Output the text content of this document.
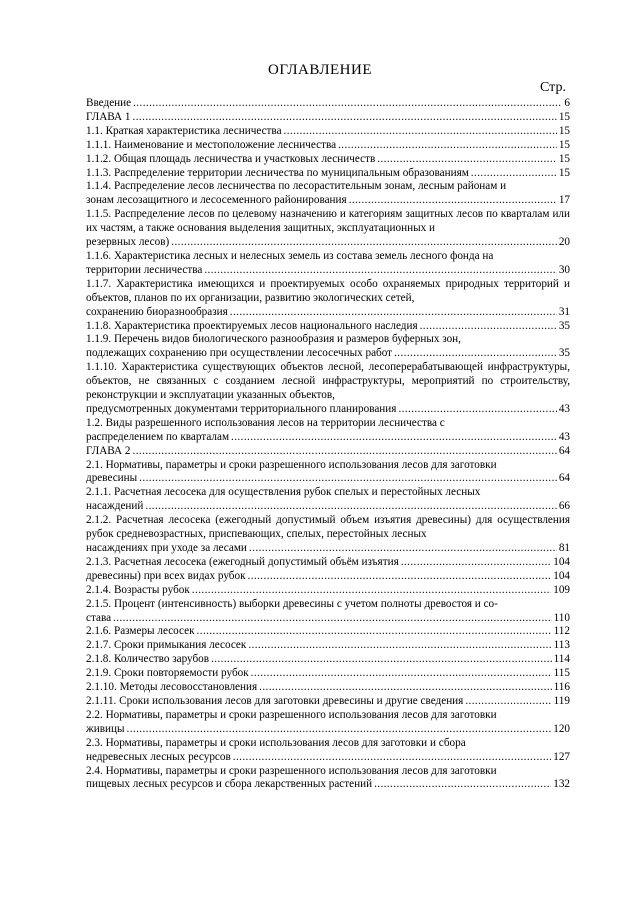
ОГЛАВЛЕНИЕ
Стр.
Введение .....	6
ГЛАВА 1 .....	15
1.1. Краткая характеристика лесничества .....	15
1.1.1. Наименование и местоположение лесничества .....	15
1.1.2. Общая площадь лесничества и участковых лесничеств .....	15
1.1.3. Распределение территории лесничества по муниципальным образованиям .....	15
1.1.4. Распределение лесов лесничества по лесорастительным зонам, лесным районам и
зонам лесозащитного и лесосеменного районирования .....	17
1.1.5. Распределение лесов по целевому назначению и категориям защитных лесов по кварталам или их частям, а также основания выделения защитных, эксплуатационных и
резервных лесов) .....	20
1.1.6. Характеристика лесных и нелесных земель из состава земель лесного фонда на
территории лесничества .....	30
1.1.7. Характеристика имеющихся и проектируемых особо охраняемых природных территорий и объектов, планов по их организации, развитию экологических сетей,
сохранению биоразнообразия .....	31
1.1.8. Характеристика проектируемых лесов национального наследия .....	35
1.1.9. Перечень видов биологического разнообразия и размеров буферных зон,
подлежащих сохранению при осуществлении лесосечных работ .....	35
1.1.10. Характеристика существующих объектов лесной, лесоперерабатывающей инфраструктуры, объектов, не связанных с созданием лесной инфраструктуры, мероприятий по строительству, реконструкции и эксплуатации указанных объектов,
предусмотренных документами территориального планирования .....	43
1.2. Виды разрешенного использования лесов на территории лесничества с
распределением по кварталам .....	43
ГЛАВА 2 .....	64
2.1. Нормативы, параметры и сроки разрешенного использования лесов для заготовки
древесины .....	64
2.1.1. Расчетная лесосека для осуществления рубок спелых и перестойных лесных
насаждений .....	66
2.1.2. Расчетная лесосека (ежегодный допустимый объем изъятия древесины) для осуществления рубок средневозрастных, приспевающих, спелых, перестойных лесных
насаждениях при уходе за лесами .....	81
2.1.3. Расчетная лесосека (ежегодный допустимый объём изъятия .....	104
древесины) при всех видах рубок .....	104
2.1.4. Возрасты рубок .....	109
2.1.5. Процент (интенсивность) выборки древесины с учетом полноты древостоя и со-
става .....	110
2.1.6. Размеры лесосек .....	112
2.1.7. Сроки примыкания лесосек .....	113
2.1.8. Количество зарубов .....	114
2.1.9. Сроки повторяемости рубок .....	115
2.1.10. Методы лесовосстановления .....	116
2.1.11. Сроки использования лесов для заготовки древесины и другие сведения .....	119
2.2. Нормативы, параметры и сроки разрешенного использования лесов для заготовки
живицы .....	120
2.3. Нормативы, параметры и сроки использования лесов для заготовки и сбора
недревесных лесных ресурсов .....	127
2.4. Нормативы, параметры и сроки разрешенного использования лесов для заготовки
пищевых лесных ресурсов и сбора лекарственных растений .....	132
